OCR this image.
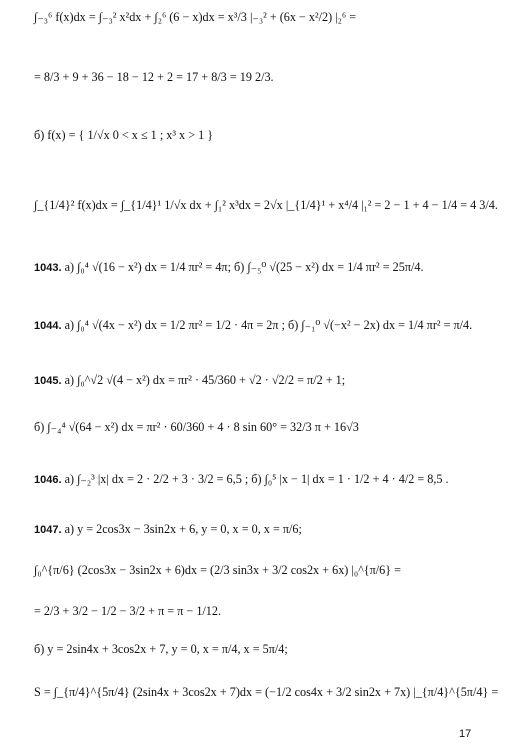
∫₋₃⁶ f(x)dx = ∫₋₃² x²dx + ∫₂⁶ (6 − x)dx = x³/3 |₋₃² + (6x − x²/2) |₂⁶ =
= 8/3 + 9 + 36 − 18 − 12 + 2 = 17 + 8/3 = 19 2/3.
б) f(x) = { 1/√x 0 < x ≤ 1 ; x³ x > 1 }
∫_{1/4}² f(x)dx = ∫_{1/4}¹ 1/√x dx + ∫₁² x³dx = 2√x |_{1/4}¹ + x⁴/4 |₁² = 2 − 1 + 4 − 1/4 = 4 3/4.
1043. а) ∫₀⁴ √(16 − x²) dx = 1/4 πr² = 4π; б) ∫₋₅⁰ √(25 − x²) dx = 1/4 πr² = 25π/4.
1044. а) ∫₀⁴ √(4x − x²) dx = 1/2 πr² = 1/2 · 4π = 2π ; б) ∫₋₁⁰ √(−x² − 2x) dx = 1/4 πr² = π/4.
1045. а) ∫₀^√2 √(4 − x²) dx = πr² · 45/360 + √2 · √2/2 = π/2 + 1;
б) ∫₋₄⁴ √(64 − x²) dx = πr² · 60/360 + 4 · 8 sin 60° = 32/3 π + 16√3
1046. а) ∫₋₂³ |x| dx = 2 · 2/2 + 3 · 3/2 = 6,5 ; б) ∫₀⁵ |x − 1| dx = 1 · 1/2 + 4 · 4/2 = 8,5 .
1047. а) y = 2cos3x − 3sin2x + 6, y = 0, x = 0, x = π/6;
∫₀^{π/6} (2cos3x − 3sin2x + 6)dx = (2/3 sin3x + 3/2 cos2x + 6x) |₀^{π/6} =
= 2/3 + 3/2 − 1/2 − 3/2 + π = π − 1/12.
б) y = 2sin4x + 3cos2x + 7, y = 0, x = π/4, x = 5π/4;
S = ∫_{π/4}^{5π/4} (2sin4x + 3cos2x + 7)dx = (−1/2 cos4x + 3/2 sin2x + 7x) |_{π/4}^{5π/4} =
17
